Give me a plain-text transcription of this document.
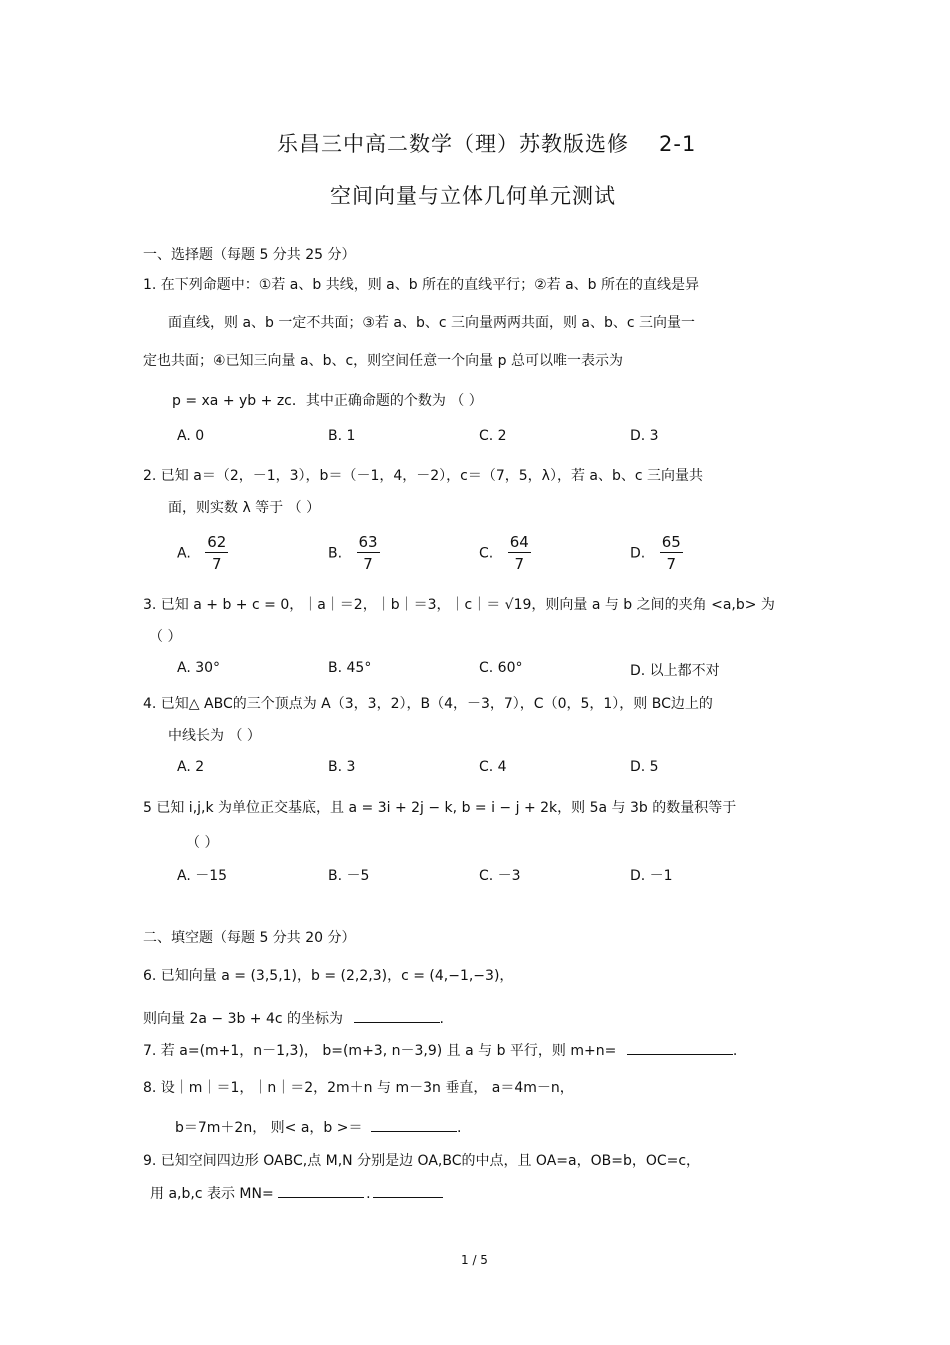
乐昌三中高二数学（理）苏教版选修 2-1
空间向量与立体几何单元测试
一、选择题（每题 5 分共 25 分）
1. 在下列命题中：①若 a、b 共线，则 a、b 所在的直线平行；②若 a、b 所在的直线是异
面直线，则 a、b 一定不共面；③若 a、b、c 三向量两两共面，则 a、b、c 三向量一
定也共面；④已知三向量 a、b、c，则空间任意一个向量 p 总可以唯一表示为
p = xa + yb + zc．其中正确命题的个数为 （ ）
A. 0	B. 1	C. 2	D. 3
2. 已知 a＝（2，－1，3），b＝（－1，4，－2），c＝（7，5，λ），若 a、b、c 三向量共
面，则实数 λ 等于 （ ）
A. $\frac{62}{7}$	B. $\frac{63}{7}$	C. $\frac{64}{7}$	D. $\frac{65}{7}$
3. 已知 a + b + c = 0，｜a｜＝2，｜b｜＝3，｜c｜＝ √19，则向量 a 与 b 之间的夹角 <a,b> 为
（ ）
A. 30°	B. 45°	C. 60°	D. 以上都不对
4. 已知△ ABC的三个顶点为 A（3，3，2），B（4，－3，7），C（0，5，1），则 BC边上的
中线长为 （ ）
A. 2	B. 3	C. 4	D. 5
5 已知 i,j,k 为单位正交基底，且 a = 3i + 2j − k, b = i − j + 2k，则 5a 与 3b 的数量积等于
（ ）
A. －15	B. －5	C. －3	D. －1
二、填空题（每题 5 分共 20 分）
6. 已知向量 a = (3,5,1)，b = (2,2,3)，c = (4,−1,−3)，
则向量 2a − 3b + 4c 的坐标为	.
7. 若 a=(m+1，n－1,3)， b=(m+3, n－3,9) 且 a 与 b 平行，则 m+n=	.
8. 设｜m｜＝1，｜n｜＝2，2m＋n 与 m－3n 垂直， a＝4m－n，
b＝7m＋2n， 则< a，b >＝	.
9. 已知空间四边形 OABC,点 M,N 分别是边 OA,BC的中点，且 OA=a，OB=b，OC=c，
用 a,b,c 表示 MN=	.
1 / 5
